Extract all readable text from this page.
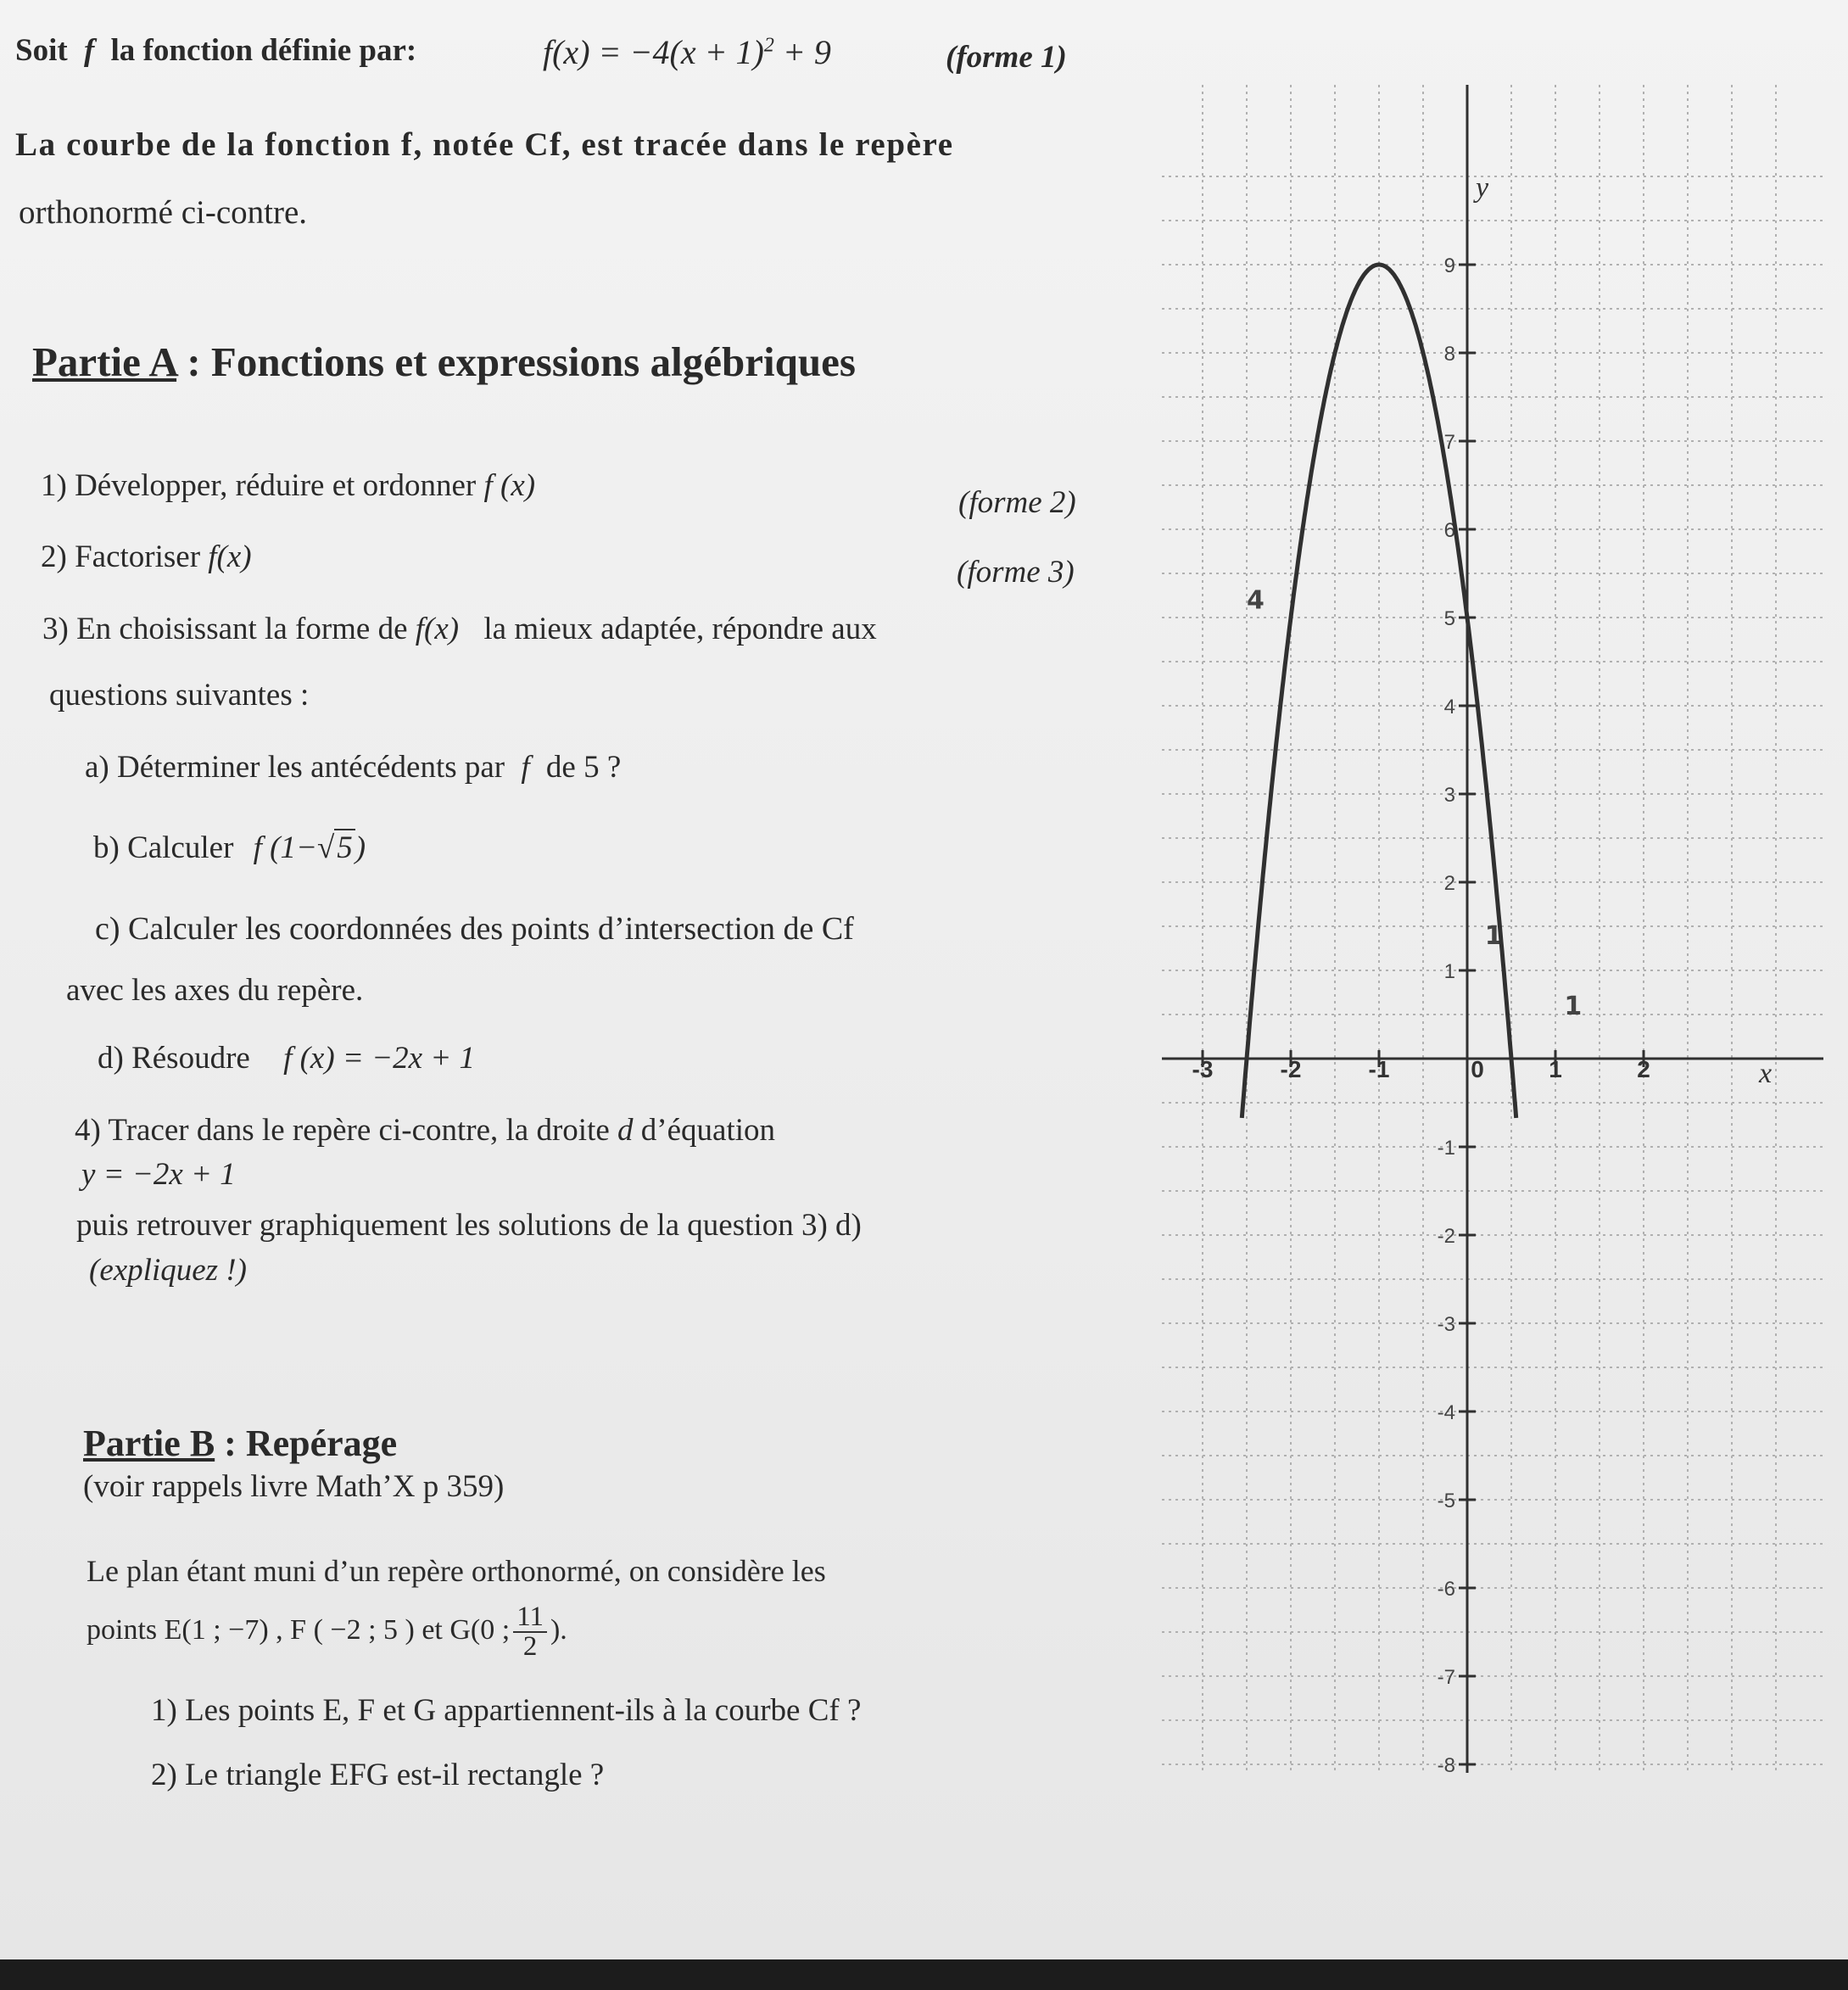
Soit f la fonction définie par:	$f(x) = -4(x + 1)^2 + 9$	(forme 1)
La courbe de la fonction f, notée Cf, est tracée dans le repère
orthonormé ci-contre.
Partie A : Fonctions et expressions algébriques
1) Développer, réduire et ordonner f (x)	(forme 2)
2) Factoriser f(x)	(forme 3)
3) En choisissant la forme de f(x) la mieux adaptée, répondre aux
questions suivantes :
a) Déterminer les antécédents par f de 5 ?
b) Calculer f (1−√5)
c) Calculer les coordonnées des points d’intersection de Cf
avec les axes du repère.
d) Résoudre f (x) = −2x + 1
4) Tracer dans le repère ci-contre, la droite d d’équation
y = −2x + 1
puis retrouver graphiquement les solutions de la question 3) d)
(expliquez !)
Partie B : Repérage
(voir rappels livre Math’X p 359)
Le plan étant muni d’un repère orthonormé, on considère les
points E(1 ; −7) , F ( −2 ; 5 ) et G(0 ; $\frac{11}{2}$ ).
1) Les points E, F et G appartiennent-ils à la courbe Cf ?
2) Le triangle EFG est-il rectangle ?
-3	-2	-1	0	1	2
-8
-7
-6
-5
-4
-3
-2
-1
1
2
3
4
5
6
7
8
9
x
y
1
1
4
